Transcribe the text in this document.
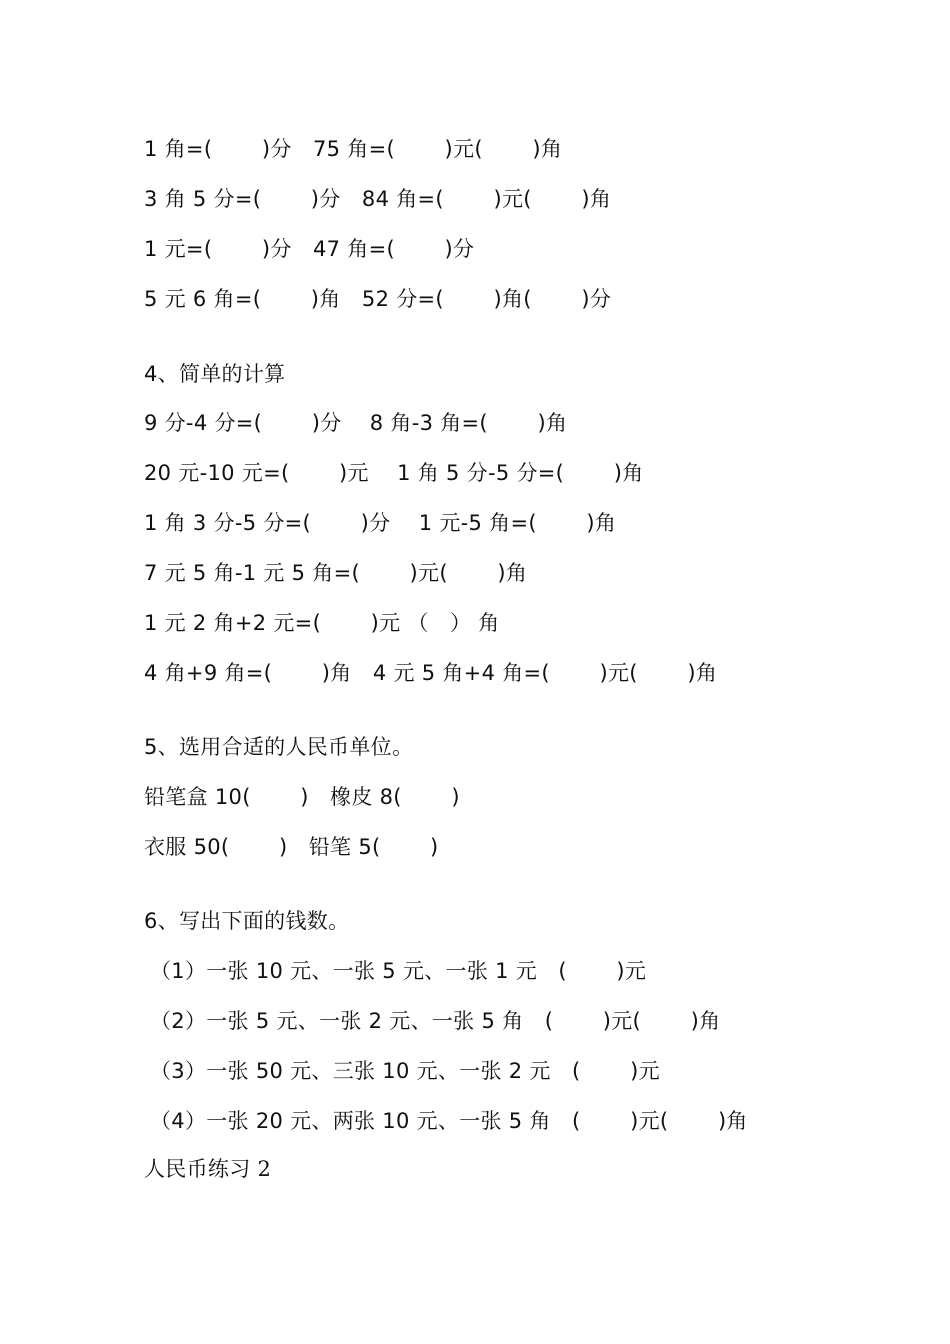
1 角=(　　 )分　75 角=(　　 )元(　　 )角
3 角 5 分=(　　 )分　84 角=(　　 )元(　　 )角
1 元=(　　 )分　47 角=(　　 )分
5 元 6 角=(　　 )角　52 分=(　　 )角(　　 )分
4、简单的计算
9 分-4 分=(　　 )分　 8 角-3 角=(　　 )角
20 元-10 元=(　　 )元　 1 角 5 分-5 分=(　　 )角
1 角 3 分-5 分=(　　 )分　 1 元-5 角=(　　 )角
7 元 5 角-1 元 5 角=(　　 )元(　　 )角
1 元 2 角+2 元=(　　 )元 （　） 角
4 角+9 角=(　　 )角　4 元 5 角+4 角=(　　 )元(　　 )角
5、选用合适的人民币单位。
铅笔盒 10(　　 )　橡皮 8(　　 )
衣服 50(　　 )　铅笔 5(　　 )
6、写出下面的钱数。
（1）一张 10 元、一张 5 元、一张 1 元　(　　 )元
（2）一张 5 元、一张 2 元、一张 5 角　(　　 )元(　　 )角
（3）一张 50 元、三张 10 元、一张 2 元　(　　 )元
（4）一张 20 元、两张 10 元、一张 5 角　(　　 )元(　　 )角
人民币练习 2
